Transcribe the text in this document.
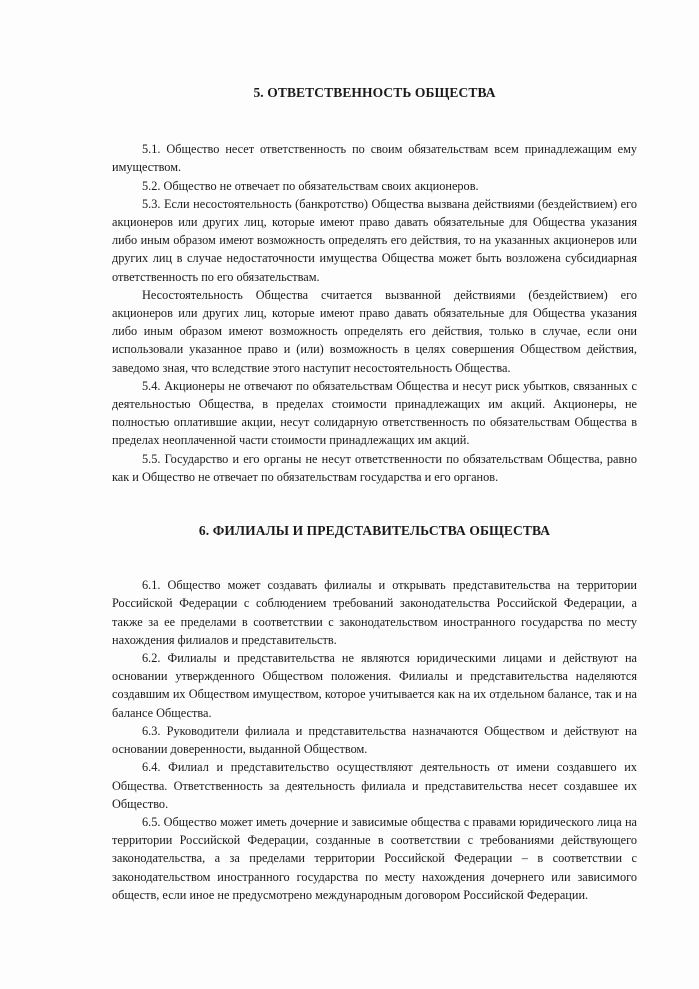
5. ОТВЕТСТВЕННОСТЬ ОБЩЕСТВА

5.1. Общество несет ответственность по своим обязательствам всем принадлежащим ему имуществом.

5.2. Общество не отвечает по обязательствам своих акционеров.

5.3. Если несостоятельность (банкротство) Общества вызвана действиями (бездействием) его акционеров или других лиц, которые имеют право давать обязательные для Общества указания либо иным образом имеют возможность определять его действия, то на указанных акционеров или других лиц в случае недостаточности имущества Общества может быть возложена субсидиарная ответственность по его обязательствам.

Несостоятельность Общества считается вызванной действиями (бездействием) его акционеров или других лиц, которые имеют право давать обязательные для Общества указания либо иным образом имеют возможность определять его действия, только в случае, если они использовали указанное право и (или) возможность в целях совершения Обществом действия, заведомо зная, что вследствие этого наступит несостоятельность Общества.

5.4. Акционеры не отвечают по обязательствам Общества и несут риск убытков, связанных с деятельностью Общества, в пределах стоимости принадлежащих им акций. Акционеры, не полностью оплатившие акции, несут солидарную ответственность по обязательствам Общества в пределах неоплаченной части стоимости принадлежащих им акций.

5.5. Государство и его органы не несут ответственности по обязательствам Общества, равно как и Общество не отвечает по обязательствам государства и его органов.

6. ФИЛИАЛЫ И ПРЕДСТАВИТЕЛЬСТВА ОБЩЕСТВА

6.1. Общество может создавать филиалы и открывать представительства на территории Российской Федерации с соблюдением требований законодательства Российской Федерации, а также за ее пределами в соответствии с законодательством иностранного государства по месту нахождения филиалов и представительств.

6.2. Филиалы и представительства не являются юридическими лицами и действуют на основании утвержденного Обществом положения. Филиалы и представительства наделяются создавшим их Обществом имуществом, которое учитывается как на их отдельном балансе, так и на балансе Общества.

6.3. Руководители филиала и представительства назначаются Обществом и действуют на основании доверенности, выданной Обществом.

6.4. Филиал и представительство осуществляют деятельность от имени создавшего их Общества. Ответственность за деятельность филиала и представительства несет создавшее их Общество.

6.5. Общество может иметь дочерние и зависимые общества с правами юридического лица на территории Российской Федерации, созданные в соответствии с требованиями действующего законодательства, а за пределами территории Российской Федерации – в соответствии с законодательством иностранного государства по месту нахождения дочернего или зависимого обществ, если иное не предусмотрено международным договором Российской Федерации.
